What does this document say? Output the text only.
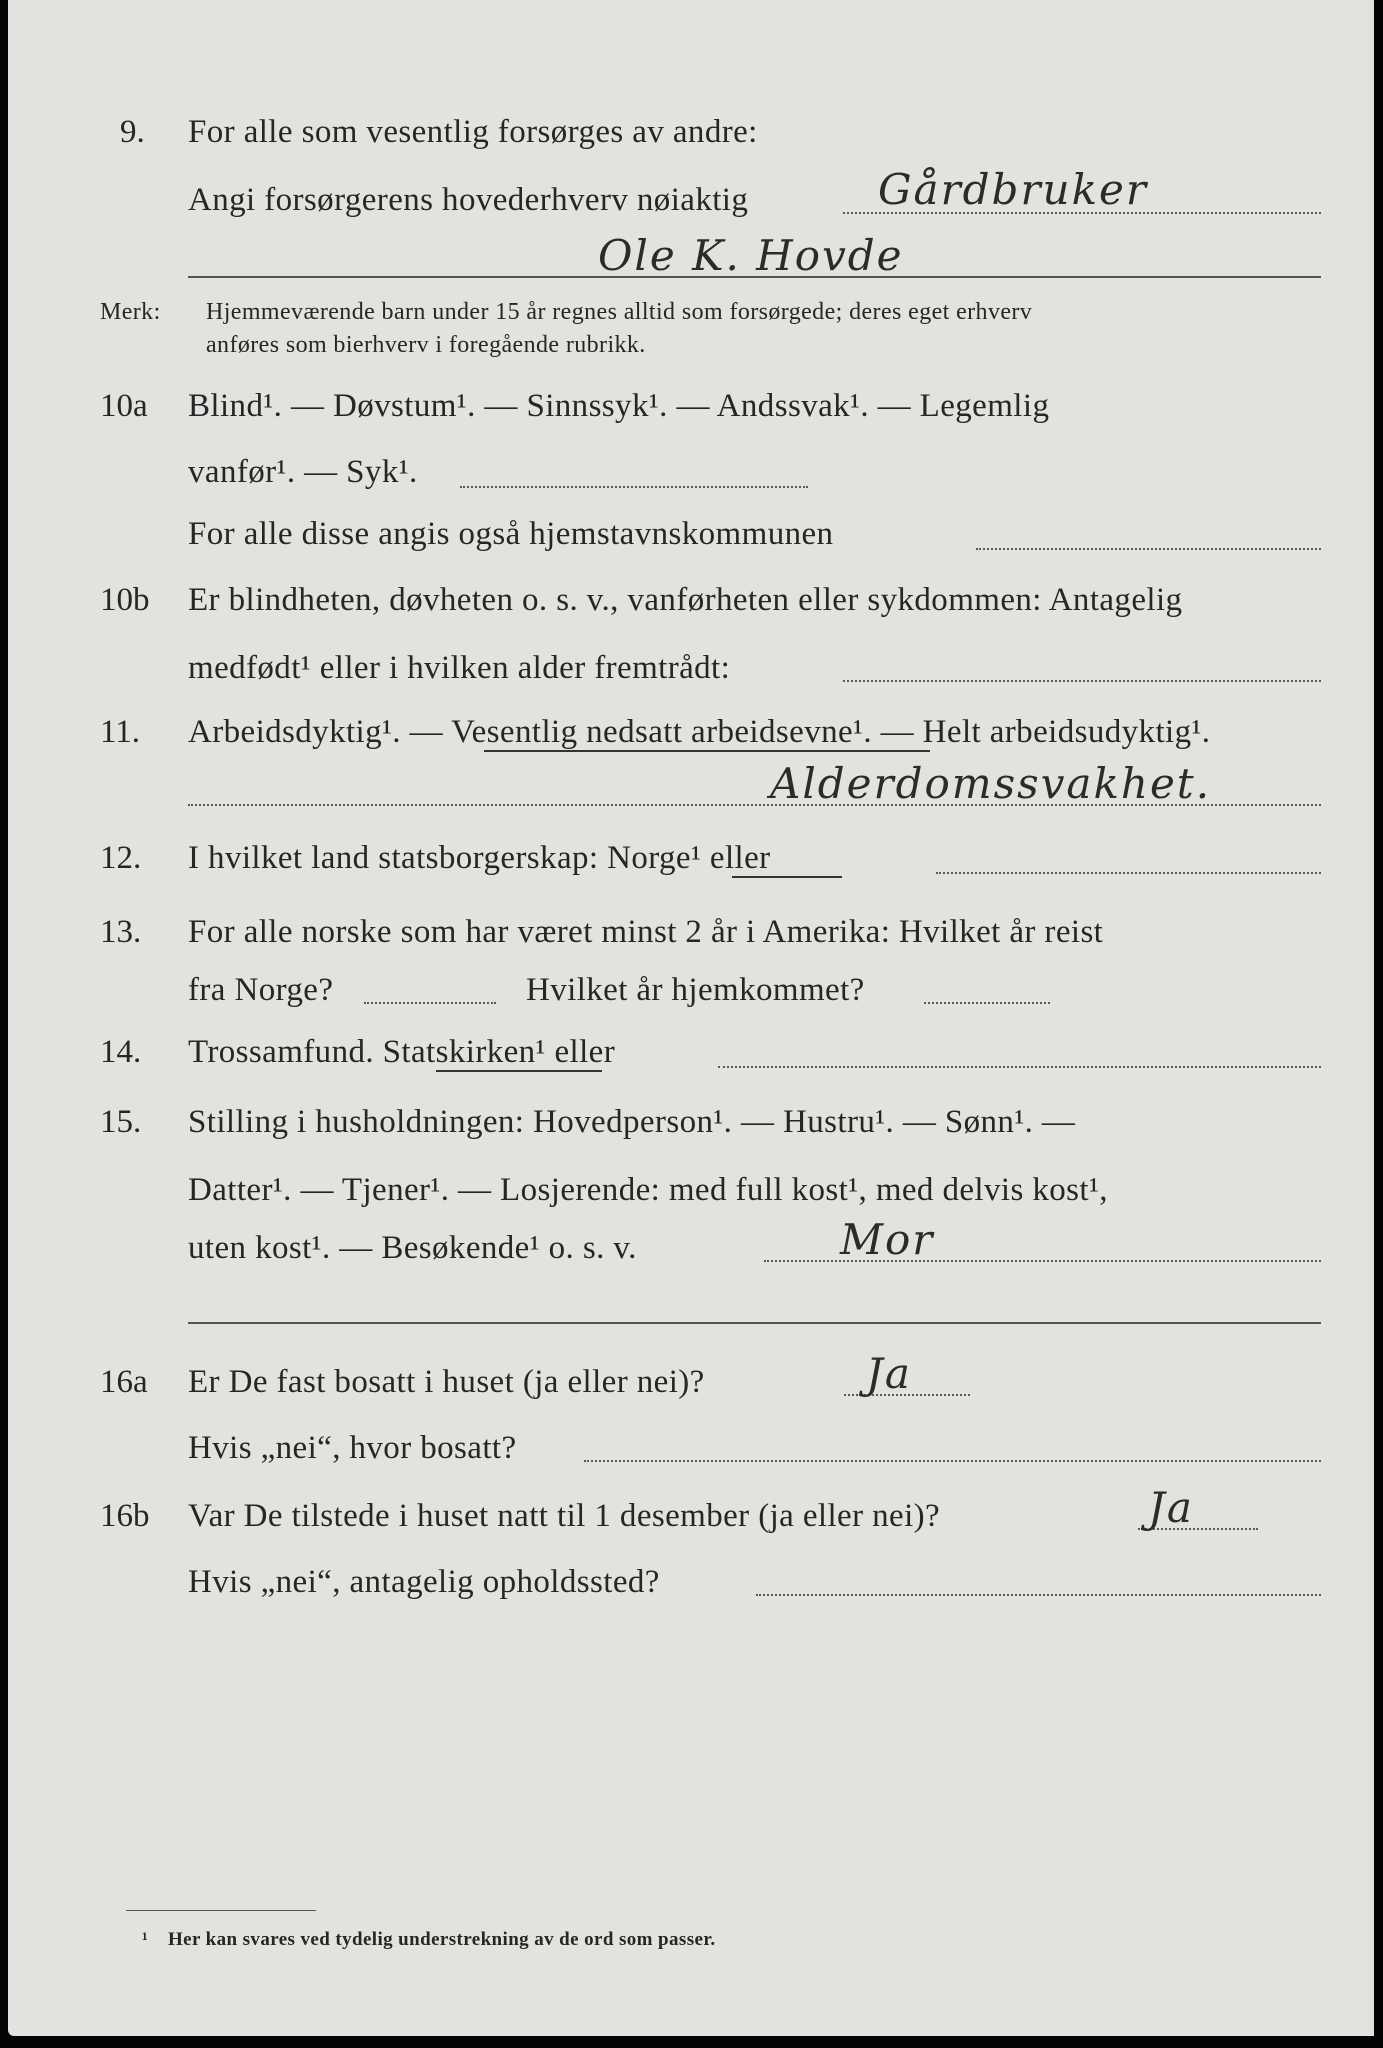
9. For alle som vesentlig forsørges av andre:
Angi forsørgerens hovederhverv nøiaktig	Gårdbruker
Ole K. Hovde
Merk: Hjemmeværende barn under 15 år regnes alltid som forsørgede; deres eget erhverv
anføres som bierhverv i foregående rubrikk.
10a Blind¹. — Døvstum¹. — Sinnssyk¹. — Andssvak¹. — Legemlig
vanfør¹. — Syk¹.
For alle disse angis også hjemstavnskommunen
10b Er blindheten, døvheten o. s. v., vanførheten eller sykdommen: Antagelig
medfødt¹ eller i hvilken alder fremtrådt:
11. Arbeidsdyktig¹. — Vesentlig nedsatt arbeidsevne¹. — Helt arbeidsudyktig¹.
Alderdomssvakhet.
12. I hvilket land statsborgerskap: Norge¹ eller
13. For alle norske som har været minst 2 år i Amerika: Hvilket år reist
fra Norge?	Hvilket år hjemkommet?
14. Trossamfund. Statskirken¹ eller
15. Stilling i husholdningen: Hovedperson¹. — Hustru¹. — Sønn¹. —
Datter¹. — Tjener¹. — Losjerende: med full kost¹, med delvis kost¹,
uten kost¹. — Besøkende¹ o. s. v.	Mor
16a Er De fast bosatt i huset (ja eller nei)?	Ja
Hvis „nei“, hvor bosatt?
16b Var De tilstede i huset natt til 1 desember (ja eller nei)?	Ja
Hvis „nei“, antagelig opholdssted?
¹ Her kan svares ved tydelig understrekning av de ord som passer.
